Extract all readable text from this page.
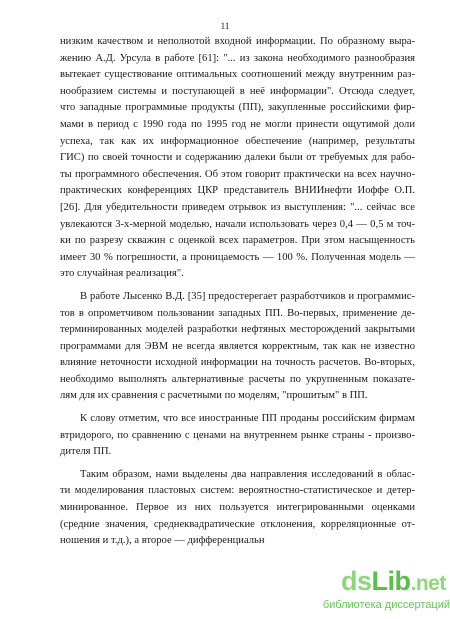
11
низким качеством и неполнотой входной информации. По образному выра-
жению А.Д. Урсула в работе [61]: "... из закона необходимого разнообразия
вытекает существование оптимальных соотношений между внутренним раз-
нообразием системы и поступающей в неё информации". Отсюда следует,
что западные программные продукты (ПП), закупленные российскими фир-
мами в период с 1990 года по 1995 год не могли принести ощутимой доли
успеха, так как их информационное обеспечение (например, результаты
ГИС) по своей точности и содержанию далеки были от требуемых для рабо-
ты программного обеспечения. Об этом говорит практически на всех научно-
практических конференциях ЦКР представитель ВНИИнефти Иоффе О.П.
[26]. Для убедительности приведем отрывок из выступления: "... сейчас все
увлекаются 3-х-мерной моделью, начали использовать через 0,4 — 0,5 м точ-
ки по разрезу скважин с оценкой всех параметров. При этом насыщенность
имеет 30 % погрешности, а проницаемость — 100 %. Полученная модель —
это случайная реализация".
В работе Лысенко В.Д. [35] предостерегает разработчиков и программис-
тов в опрометчивом пользовании западных ПП. Во-первых, применение де-
терминированных моделей разработки нефтяных месторождений закрытыми
программами для ЭВМ не всегда является корректным, так как не известно
влияние неточности исходной информации на точность расчетов. Во-вторых,
необходимо выполнять альтернативные расчеты по укрупненным показате-
лям для их сравнения с расчетными по моделям, "прошитым" в ПП.
К слову отметим, что все иностранные ПП проданы российским фирмам
втридорого, по сравнению с ценами на внутреннем рынке страны - произво-
дителя ПП.
Таким образом, нами выделены два направления исследований в облас-
ти моделирования пластовых систем: вероятностно-статистическое и детер-
минированное. Первое из них пользуется интегрированными оценками
(средние значения, среднеквадратические отклонения, корреляционные от-
ношения и т.д.), а второе — дифференциальн
dsLib.net
библиотека диссертаций
